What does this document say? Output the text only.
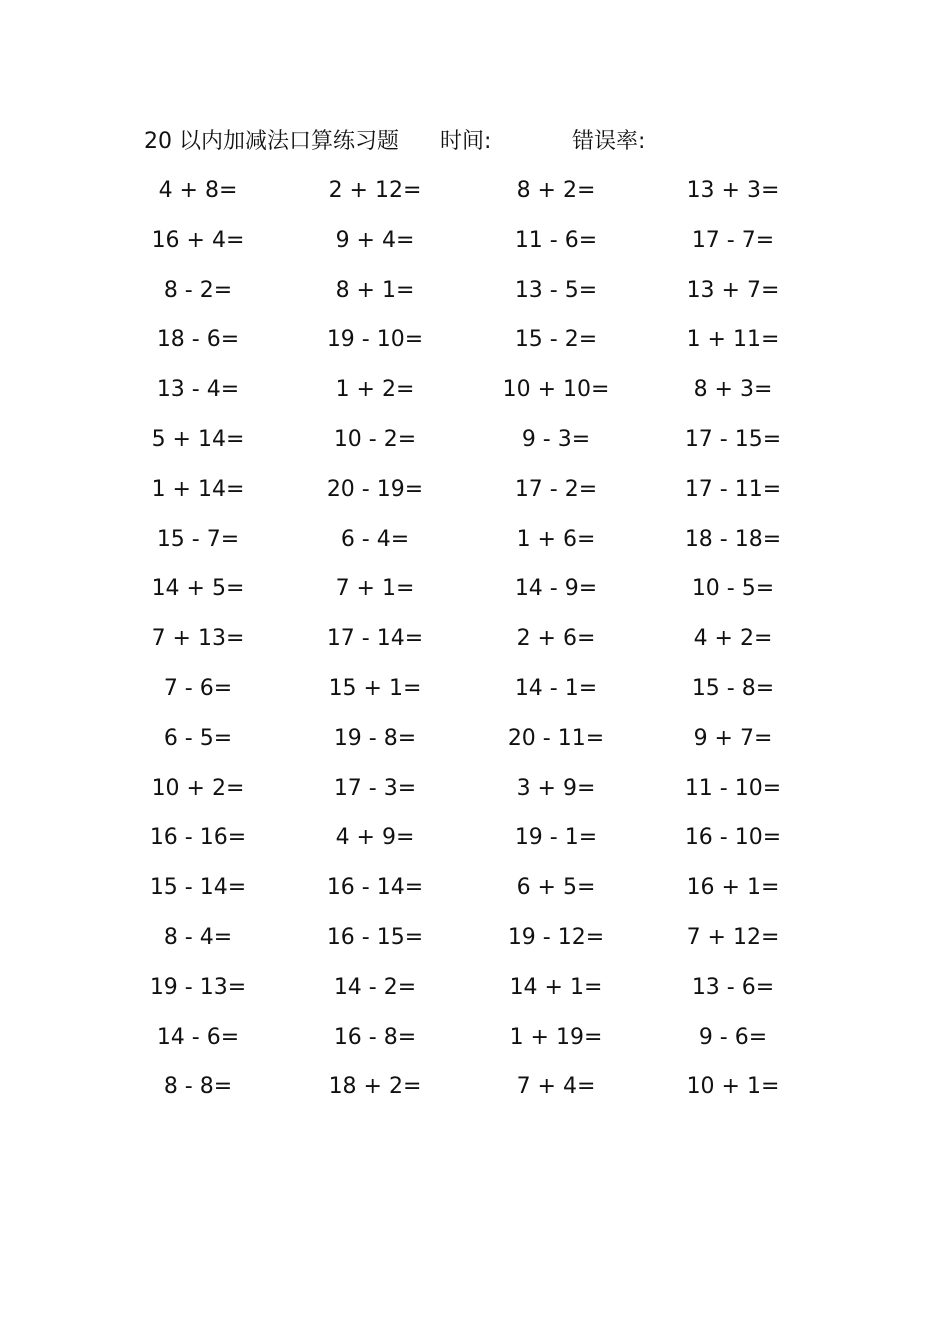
20 以内加减法口算练习题 时间:	错误率:
4 + 8=	2 + 12=	8 + 2=	13 + 3=
16 + 4=	9 + 4=	11 - 6=	17 - 7=
8 - 2=	8 + 1=	13 - 5=	13 + 7=
18 - 6=	19 - 10=	15 - 2=	1 + 11=
13 - 4=	1 + 2=	10 + 10=	8 + 3=
5 + 14=	10 - 2=	9 - 3=	17 - 15=
1 + 14=	20 - 19=	17 - 2=	17 - 11=
15 - 7=	6 - 4=	1 + 6=	18 - 18=
14 + 5=	7 + 1=	14 - 9=	10 - 5=
7 + 13=	17 - 14=	2 + 6=	4 + 2=
7 - 6=	15 + 1=	14 - 1=	15 - 8=
6 - 5=	19 - 8=	20 - 11=	9 + 7=
10 + 2=	17 - 3=	3 + 9=	11 - 10=
16 - 16=	4 + 9=	19 - 1=	16 - 10=
15 - 14=	16 - 14=	6 + 5=	16 + 1=
8 - 4=	16 - 15=	19 - 12=	7 + 12=
19 - 13=	14 - 2=	14 + 1=	13 - 6=
14 - 6=	16 - 8=	1 + 19=	9 - 6=
8 - 8=	18 + 2=	7 + 4=	10 + 1=
